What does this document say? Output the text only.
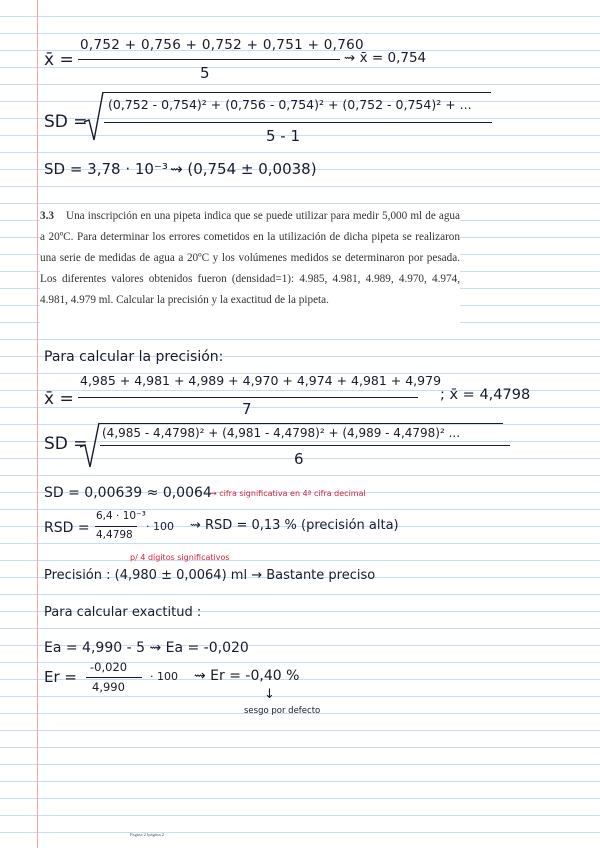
x̄ =
0,752 + 0,756 + 0,752 + 0,751 + 0,760
5
⇝ x̄ = 0,754
SD =
(0,752 - 0,754)² + (0,756 - 0,754)² + (0,752 - 0,754)² + ...
5 - 1
SD = 3,78 · 10⁻³ ⇝ (0,754 ± 0,0038)

3.3 Una inscripción en una pipeta indica que se puede utilizar para medir 5,000 ml de agua a 20ºC. Para determinar los errores cometidos en la utilización de dicha pipeta se realizaron una serie de medidas de agua a 20ºC y los volúmenes medidos se determinaron por pesada. Los diferentes valores obtenidos fueron (densidad=1): 4.985, 4.981, 4.989, 4.970, 4.974, 4.981, 4.979 ml. Calcular la precisión y la exactitud de la pipeta.

Para calcular la precisión:
x̄ =
4,985 + 4,981 + 4,989 + 4,970 + 4,974 + 4,981 + 4,979
7
; x̄ = 4,4798
SD =
(4,985 - 4,4798)² + (4,981 - 4,4798)² + (4,989 - 4,4798)² ...
6
SD = 0,00639 ≈ 0,0064
⇝ cifra significativa en 4ª cifra decimal
RSD =
6,4 · 10⁻³
4,4798
· 100 ⇝ RSD = 0,13 % (precisión alta)
p/ 4 dígitos significativos
Precisión : (4,980 ± 0,0064) ml → Bastante preciso
Para calcular exactitud :
Ea = 4,990 - 5 ⇝ Ea = -0,020
Er =
-0,020
4,990
· 100 ⇝ Er = -0,40 %
↓
sesgo por defecto
Pagina 2 lpágina 2
